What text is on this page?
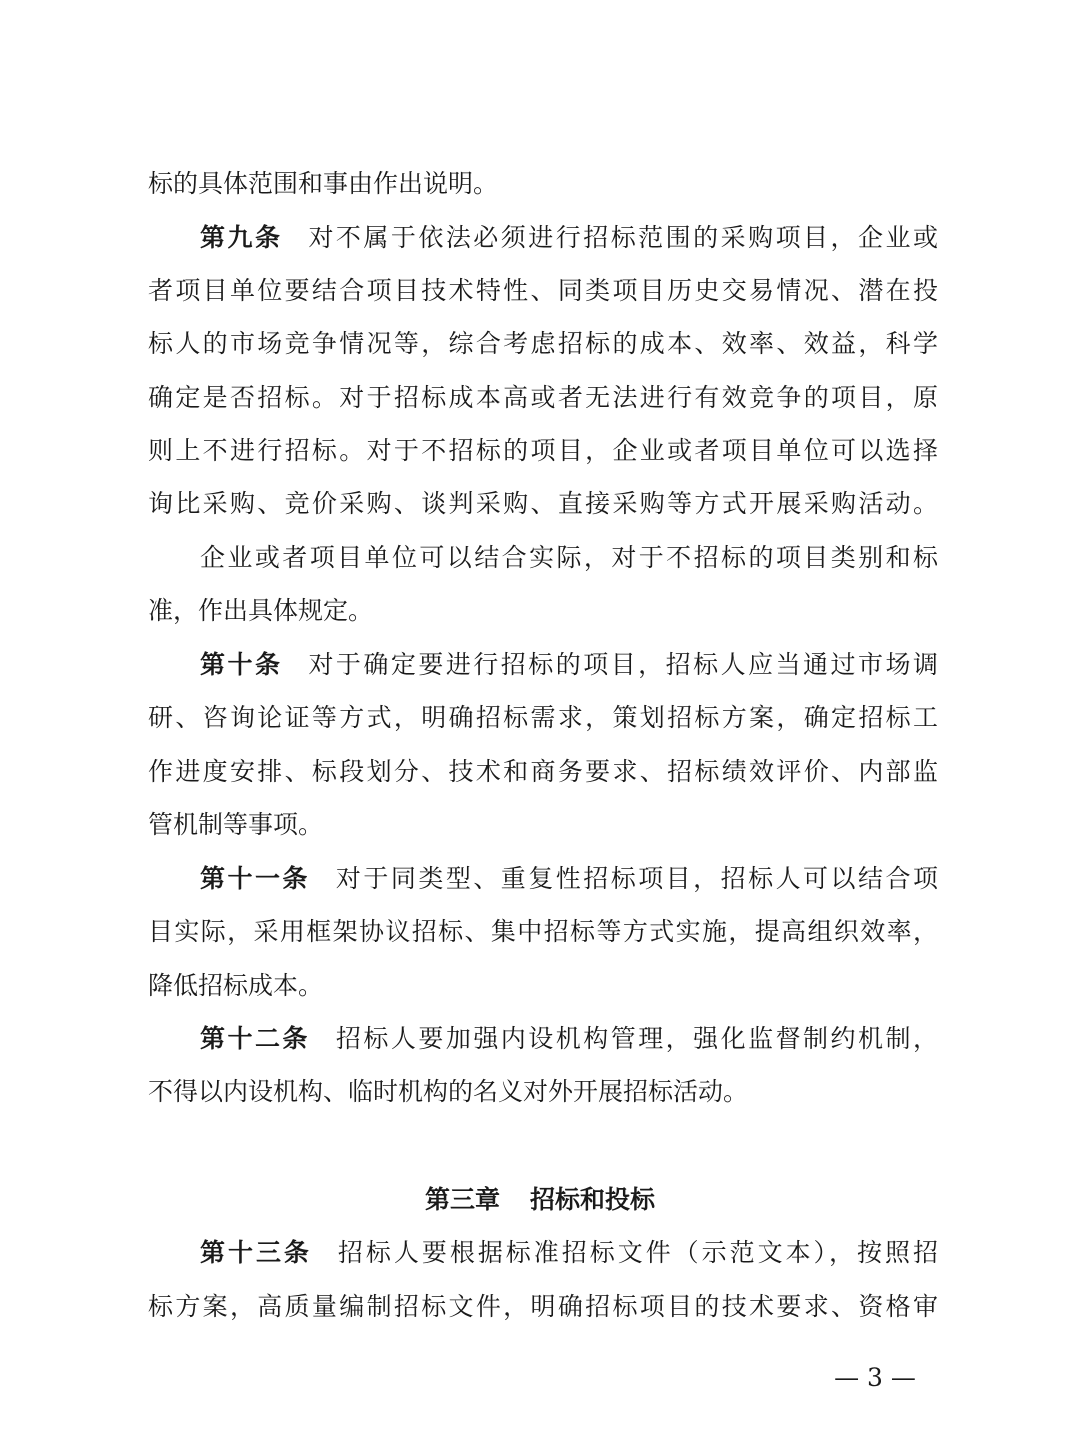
标的具体范围和事由作出说明。
第九条 对不属于依法必须进行招标范围的采购项目，企业或
者项目单位要结合项目技术特性、同类项目历史交易情况、潜在投
标人的市场竞争情况等，综合考虑招标的成本、效率、效益，科学
确定是否招标。对于招标成本高或者无法进行有效竞争的项目，原
则上不进行招标。对于不招标的项目，企业或者项目单位可以选择
询比采购、竞价采购、谈判采购、直接采购等方式开展采购活动。
企业或者项目单位可以结合实际，对于不招标的项目类别和标
准，作出具体规定。
第十条 对于确定要进行招标的项目，招标人应当通过市场调
研、咨询论证等方式，明确招标需求，策划招标方案，确定招标工
作进度安排、标段划分、技术和商务要求、招标绩效评价、内部监
管机制等事项。
第十一条 对于同类型、重复性招标项目，招标人可以结合项
目实际，采用框架协议招标、集中招标等方式实施，提高组织效率，
降低招标成本。
第十二条 招标人要加强内设机构管理，强化监督制约机制，
不得以内设机构、临时机构的名义对外开展招标活动。
第三章 招标和投标
第十三条 招标人要根据标准招标文件（示范文本），按照招
标方案，高质量编制招标文件，明确招标项目的技术要求、资格审
— 3 —
